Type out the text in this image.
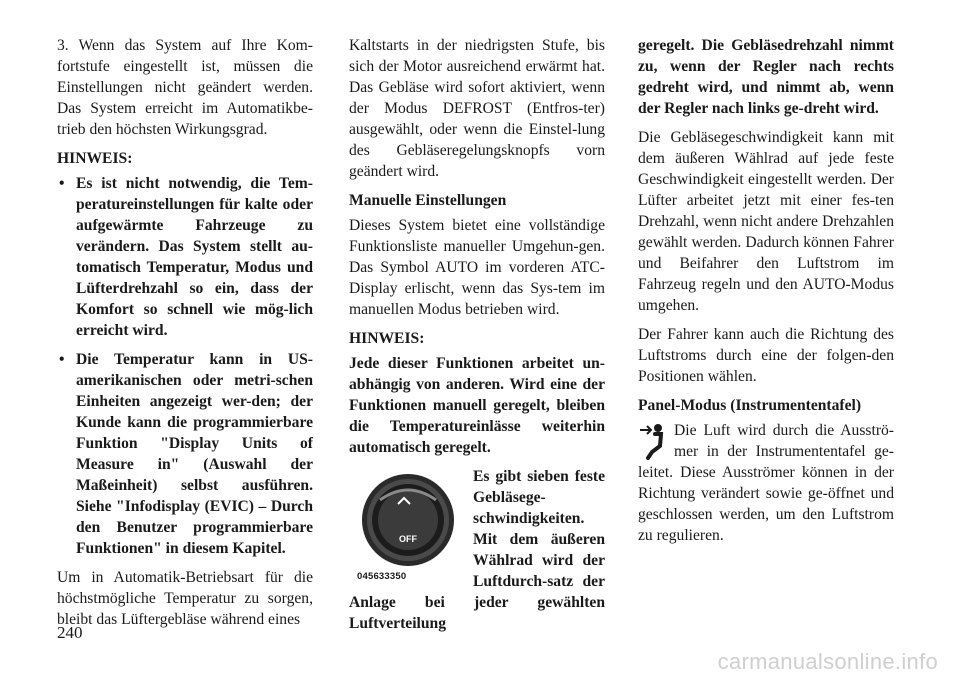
3. Wenn das System auf Ihre Kom-fortstufe eingestellt ist, müssen die Einstellungen nicht geändert werden. Das System erreicht im Automatikbe-trieb den höchsten Wirkungsgrad.

HINWEIS:

• Es ist nicht notwendig, die Tem-peratureinstellungen für kalte oder aufgewärmte Fahrzeuge zu verändern. Das System stellt au-tomatisch Temperatur, Modus und Lüfterdrehzahl so ein, dass der Komfort so schnell wie mög-lich erreicht wird.
• Die Temperatur kann in US-amerikanischen oder metri-schen Einheiten angezeigt wer-den; der Kunde kann die programmierbare Funktion "Display Units of Measure in" (Auswahl der Maßeinheit) selbst ausführen. Siehe "Infodisplay (EVIC) – Durch den Benutzer programmierbare Funktionen" in diesem Kapitel.

Um in Automatik-Betriebsart für die höchstmögliche Temperatur zu sorgen, bleibt das Lüftergebläse während eines

Kaltstarts in der niedrigsten Stufe, bis sich der Motor ausreichend erwärmt hat. Das Gebläse wird sofort aktiviert, wenn der Modus DEFROST (Entfros-ter) ausgewählt, oder wenn die Einstel-lung des Gebläseregelungsknopfs vorn geändert wird.

Manuelle Einstellungen

Dieses System bietet eine vollständige Funktionsliste manueller Umgehun-gen. Das Symbol AUTO im vorderen ATC-Display erlischt, wenn das Sys-tem im manuellen Modus betrieben wird.

HINWEIS:

Jede dieser Funktionen arbeitet un-abhängig von anderen. Wird eine der Funktionen manuell geregelt, bleiben die Temperatureinlässe weiterhin automatisch geregelt.

OFF
045633350

Es gibt sieben feste Gebläsege-schwindigkeiten. Mit dem äußeren Wählrad wird der Luftdurch-satz der Anlage bei jeder gewählten Luftverteilung

geregelt. Die Gebläsedrehzahl nimmt zu, wenn der Regler nach rechts gedreht wird, und nimmt ab, wenn der Regler nach links ge-dreht wird.

Die Gebläsegeschwindigkeit kann mit dem äußeren Wählrad auf jede feste Geschwindigkeit eingestellt werden. Der Lüfter arbeitet jetzt mit einer fes-ten Drehzahl, wenn nicht andere Drehzahlen gewählt werden. Dadurch können Fahrer und Beifahrer den Luftstrom im Fahrzeug regeln und den AUTO-Modus umgehen.

Der Fahrer kann auch die Richtung des Luftstroms durch eine der folgen-den Positionen wählen.

Panel-Modus (Instrumententafel)

Die Luft wird durch die Ausströ-mer in der Instrumententafel ge-leitet. Diese Ausströmer können in der Richtung verändert sowie ge-öffnet und geschlossen werden, um den Luftstrom zu regulieren.

240
carmanualsonline.info
